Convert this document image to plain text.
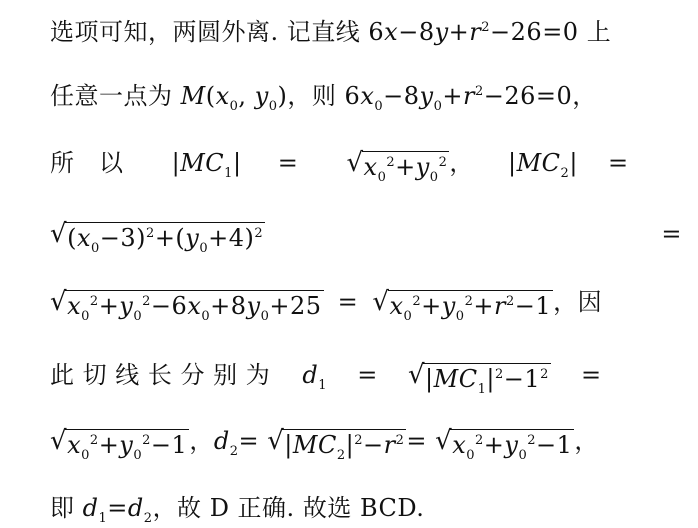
选项可知，两圆外离. 记直线 $6x-8y+r^2-26=0$ 上
任意一点为 $M(x_0$, $y_0$)，则 $6x_0-8y_0+r^2-26=0$，
所　以 $|MC_1|$ = √ $x_0^2+y_0^2$ ， $|MC_2|$ =
√ $(x_0-3)^2+(y_0+4)^2$	=
√ $x_0^2+y_0^2-6x_0+8y_0+25$ = √ $x_0^2+y_0^2+r^2-1$ ，因
此 切 线 长 分 别 为 $d_1$ = √ $|MC_1|^2-1^2$ =
√ $x_0^2+y_0^2-1$ ，$d_2=$ √ $|MC_2|^2-r^2$ = √ $x_0^2+y_0^2-1$ ，
即 $d_1=d_2$，故 D 正确. 故选 BCD.
